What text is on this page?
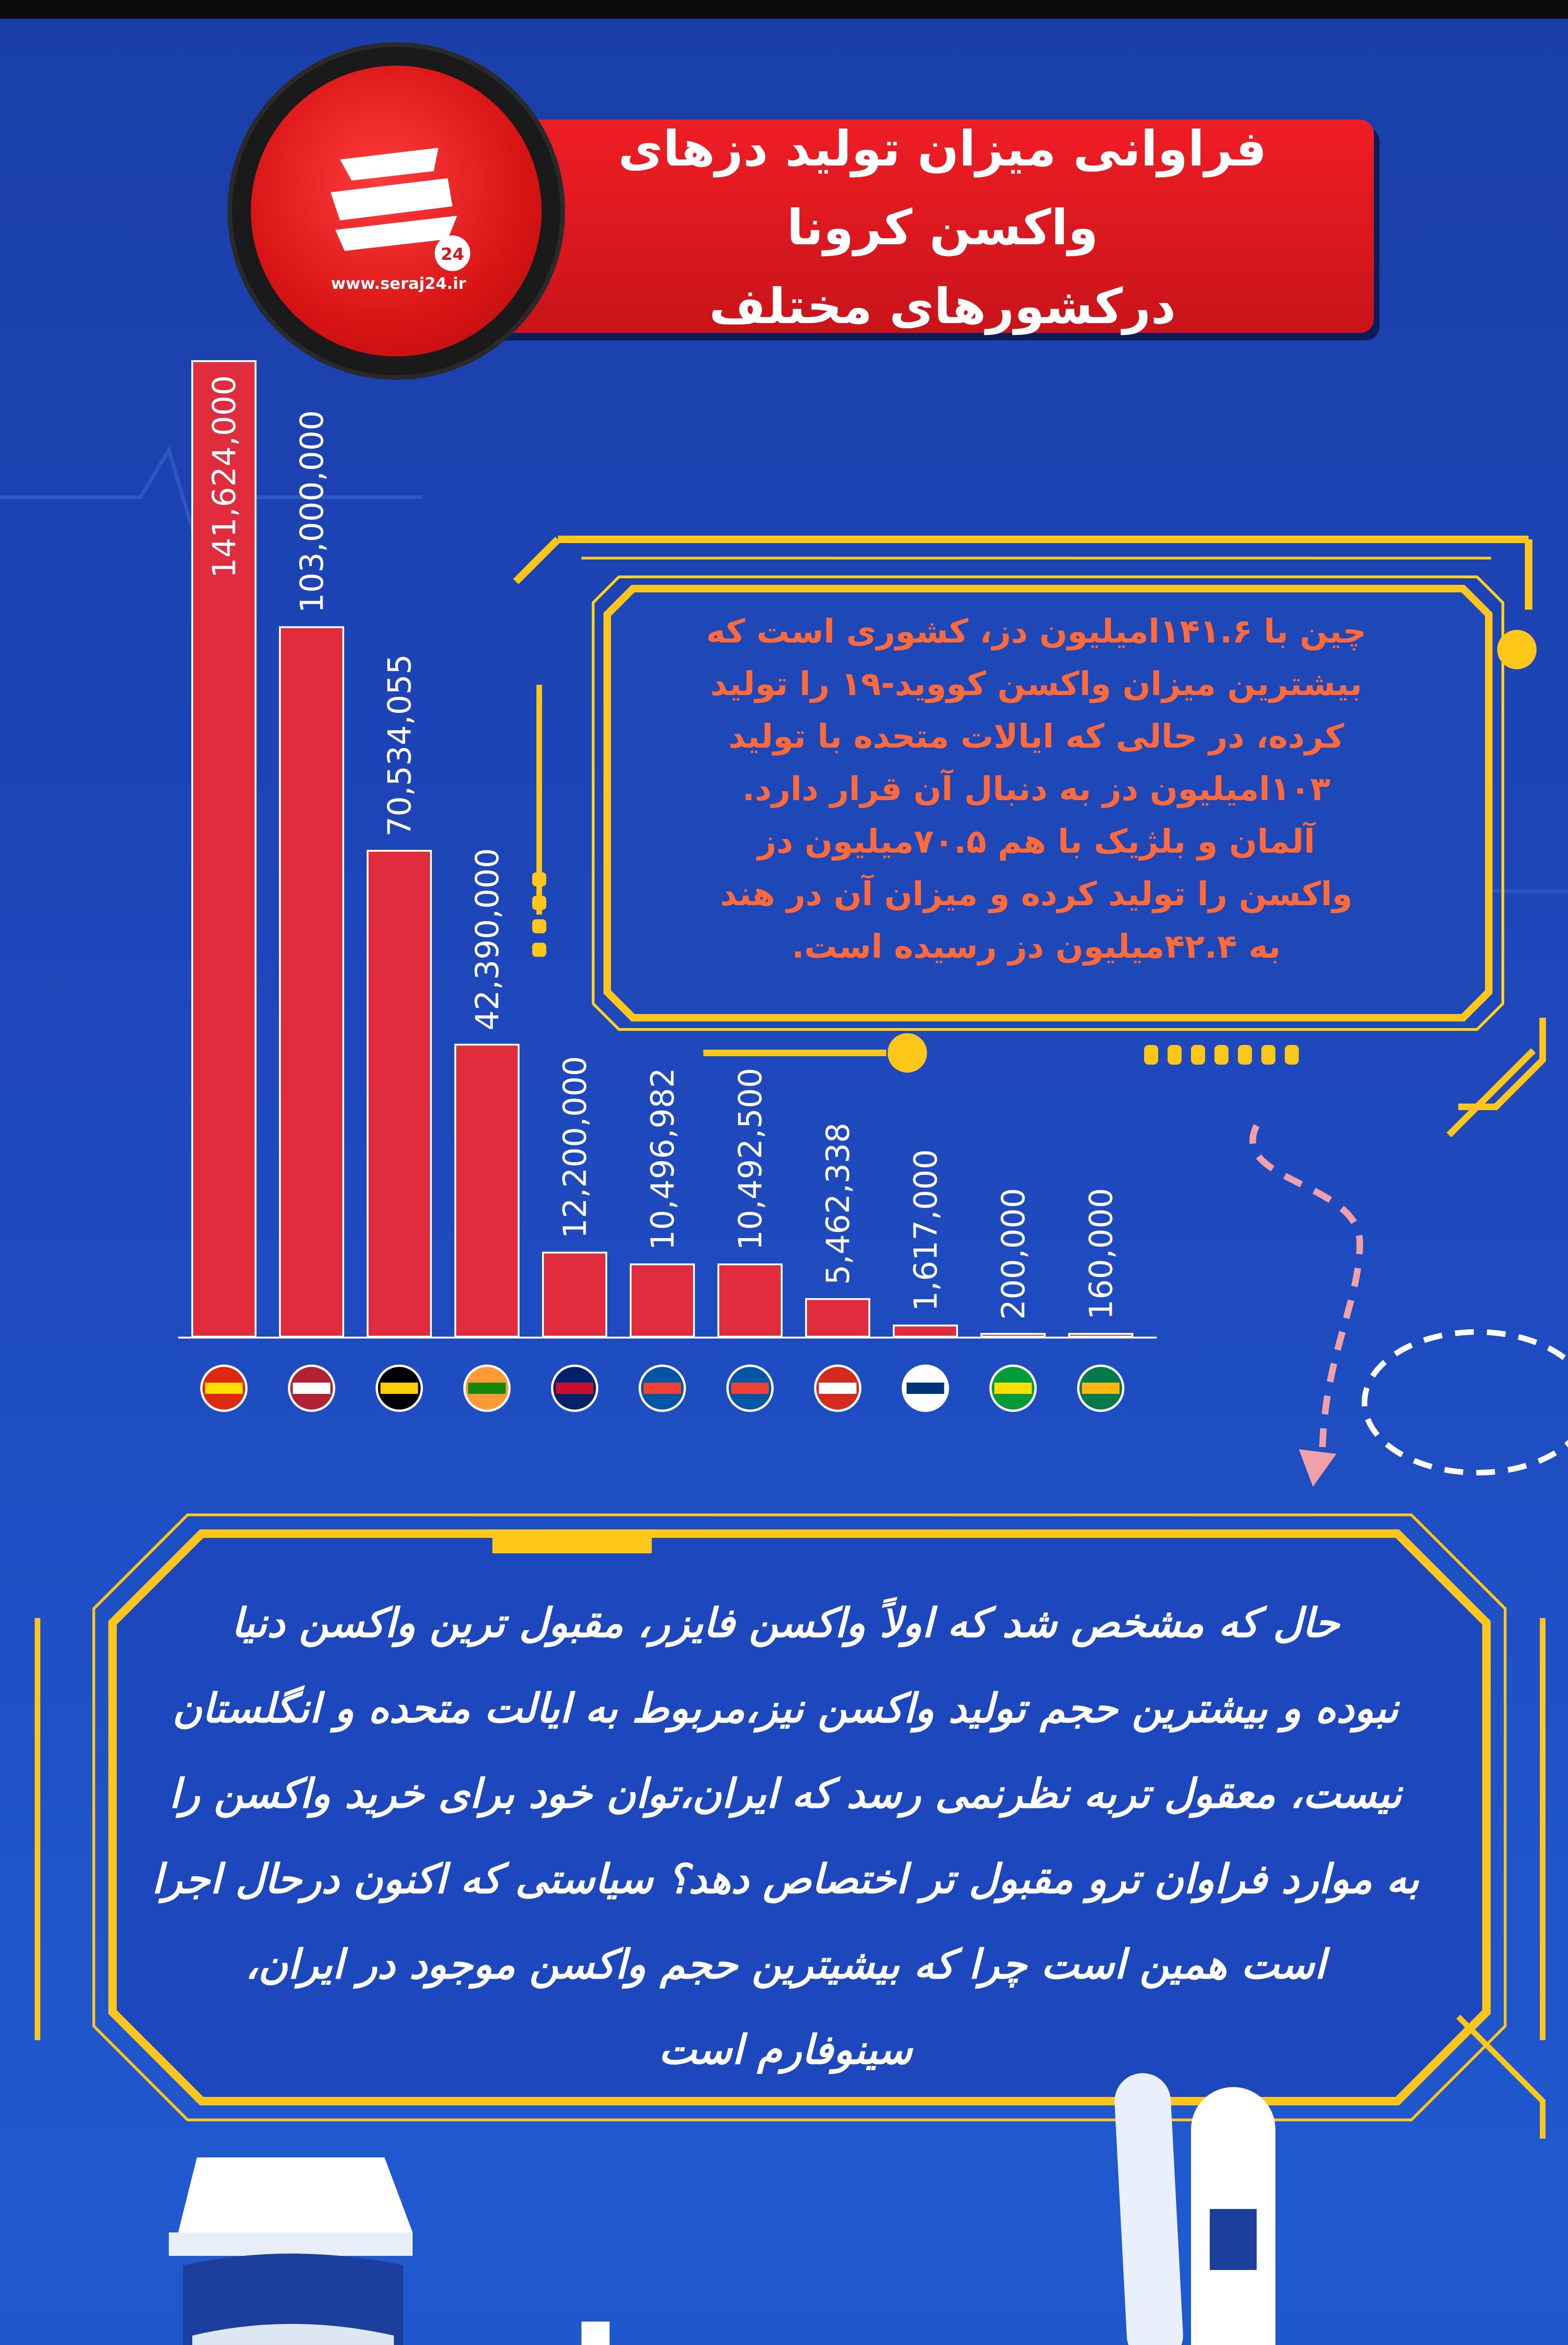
فراوانی میزان تولید دزهای واکسن کرونا
درکشورهای مختلف
24
www.seraj24.ir
141,624,000 103,000,000
70,534,055
42,390,000
12,200,000 10,496,982 10,492,500 5,462,338 1,617,000 200,000 160,000
چین با ۱۴۱.۶امیلیون دز، کشوری است که
بیشترین میزان واکسن کووید-۱۹ را تولید
کرده، در حالی که ایالات متحده با تولید
۱۰۳امیلیون دز به دنبال آن قرار دارد.
آلمان و بلژیک با هم ۷۰.۵میلیون دز
واکسن را تولید کرده و میزان آن در هند
به ۴۲.۴میلیون دز رسیده است.
حال که مشخص شد که اولاً واکسن فایزر، مقبول ترین واکسن دنیا
نبوده و بیشترین حجم تولید واکسن نیز،مربوط به ایالت متحده و انگلستان
نیست، معقول تربه نظرنمی رسد که ایران،توان خود برای خرید واکسن را
به موارد فراوان ترو مقبول تر اختصاص دهد؟ سیاستی که اکنون درحال اجرا
است همین است چرا که بیشیترین حجم واکسن موجود در ایران،
سینوفارم است
